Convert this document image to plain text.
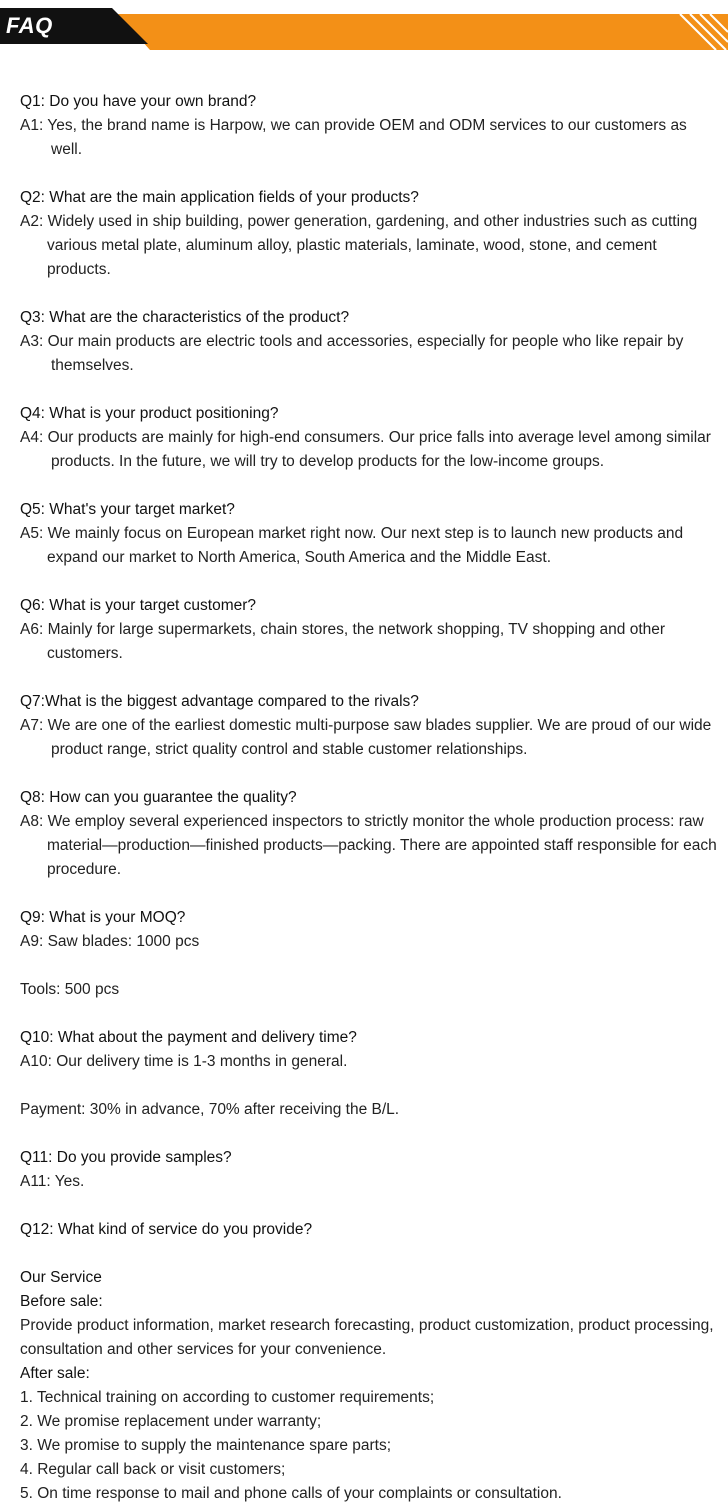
FAQ
Q1: Do you have your own brand?
A1: Yes, the brand name is Harpow, we can provide OEM and ODM services to our customers as well.
Q2: What are the main application fields of your products?
A2: Widely used in ship building, power generation, gardening, and other industries such as cutting various metal plate, aluminum alloy, plastic materials, laminate, wood, stone, and cement products.
Q3: What are the characteristics of the product?
A3: Our main products are electric tools and accessories, especially for people who like repair by themselves.
Q4: What is your product positioning?
A4: Our products are mainly for high-end consumers. Our price falls into average level among similar products. In the future, we will try to develop products for the low-income groups.
Q5: What's your target market?
A5: We mainly focus on European market right now. Our next step is to launch new products and expand our market to North America, South America and the Middle East.
Q6: What is your target customer?
A6: Mainly for large supermarkets, chain stores, the network shopping, TV shopping and other customers.
Q7:What is the biggest advantage compared to the rivals?
A7: We are one of the earliest domestic multi-purpose saw blades supplier. We are proud of our wide product range, strict quality control and stable customer relationships.
Q8: How can you guarantee the quality?
A8: We employ several experienced inspectors to strictly monitor the whole production process: raw material—production—finished products—packing. There are appointed staff responsible for each procedure.
Q9: What is your MOQ?
A9: Saw blades: 1000 pcs
Tools: 500 pcs
Q10: What about the payment and delivery time?
A10: Our delivery time is 1-3 months in general.
Payment: 30% in advance, 70% after receiving the B/L.
Q11: Do you provide samples?
A11: Yes.
Q12: What kind of service do you provide?
Our Service
Before sale:
Provide product information, market research forecasting, product customization, product processing, consultation and other services for your convenience.
After sale:
1. Technical training on according to customer requirements;
2. We promise replacement under warranty;
3. We promise to supply the maintenance spare parts;
4. Regular call back or visit customers;
5. On time response to mail and phone calls of your complaints or consultation.
